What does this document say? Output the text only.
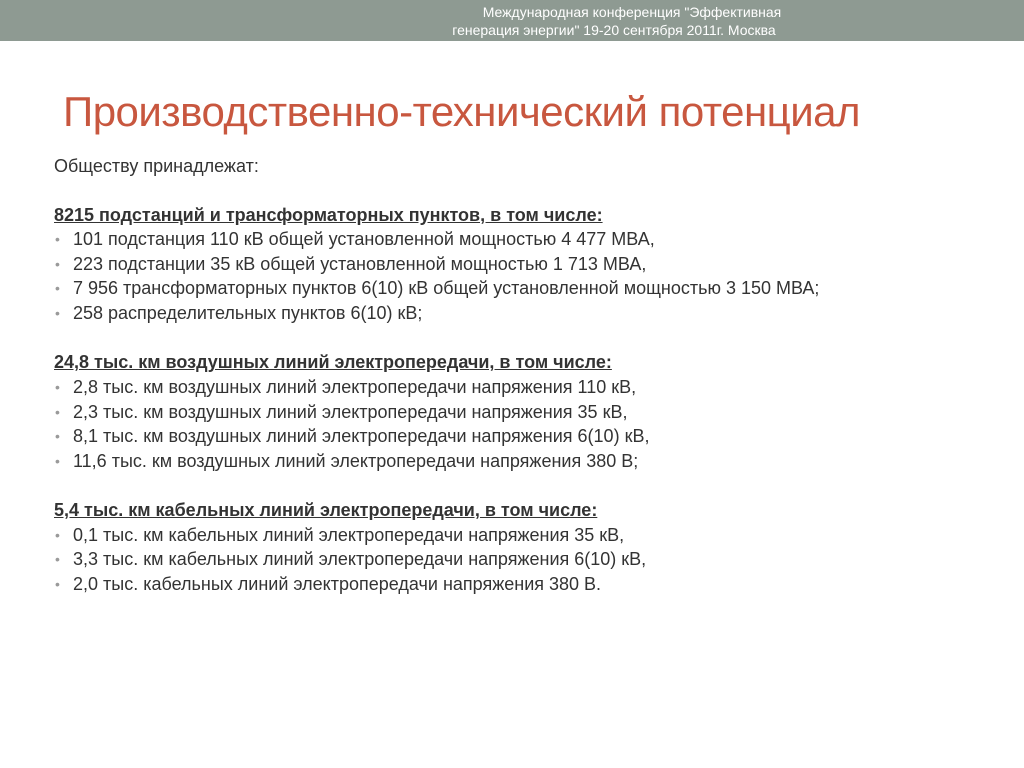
Международная конференция "Эффективная
генерация энергии" 19-20 сентября 2011г. Москва
Производственно-технический потенциал

Обществу принадлежат:

8215 подстанций и трансформаторных пунктов, в том числе:

• 101 подстанция 110 кВ общей установленной мощностью 4 477 МВА,
• 223 подстанции 35 кВ общей установленной мощностью 1 713 МВА,
• 7 956 трансформаторных пунктов 6(10) кВ общей установленной мощностью 3 150 МВА;
• 258 распределительных пунктов 6(10) кВ;

24,8 тыс. км воздушных линий электропередачи, в том числе:

• 2,8 тыс. км воздушных линий электропередачи напряжения 110 кВ,
• 2,3 тыс. км воздушных линий электропередачи напряжения 35 кВ,
• 8,1 тыс. км воздушных линий электропередачи напряжения 6(10) кВ,
• 11,6 тыс. км воздушных линий электропередачи напряжения 380 В;

5,4 тыс. км кабельных линий электропередачи, в том числе:

• 0,1 тыс. км кабельных линий электропередачи напряжения 35 кВ,
• 3,3 тыс. км кабельных линий электропередачи напряжения 6(10) кВ,
• 2,0 тыс. кабельных линий электропередачи напряжения 380 В.
